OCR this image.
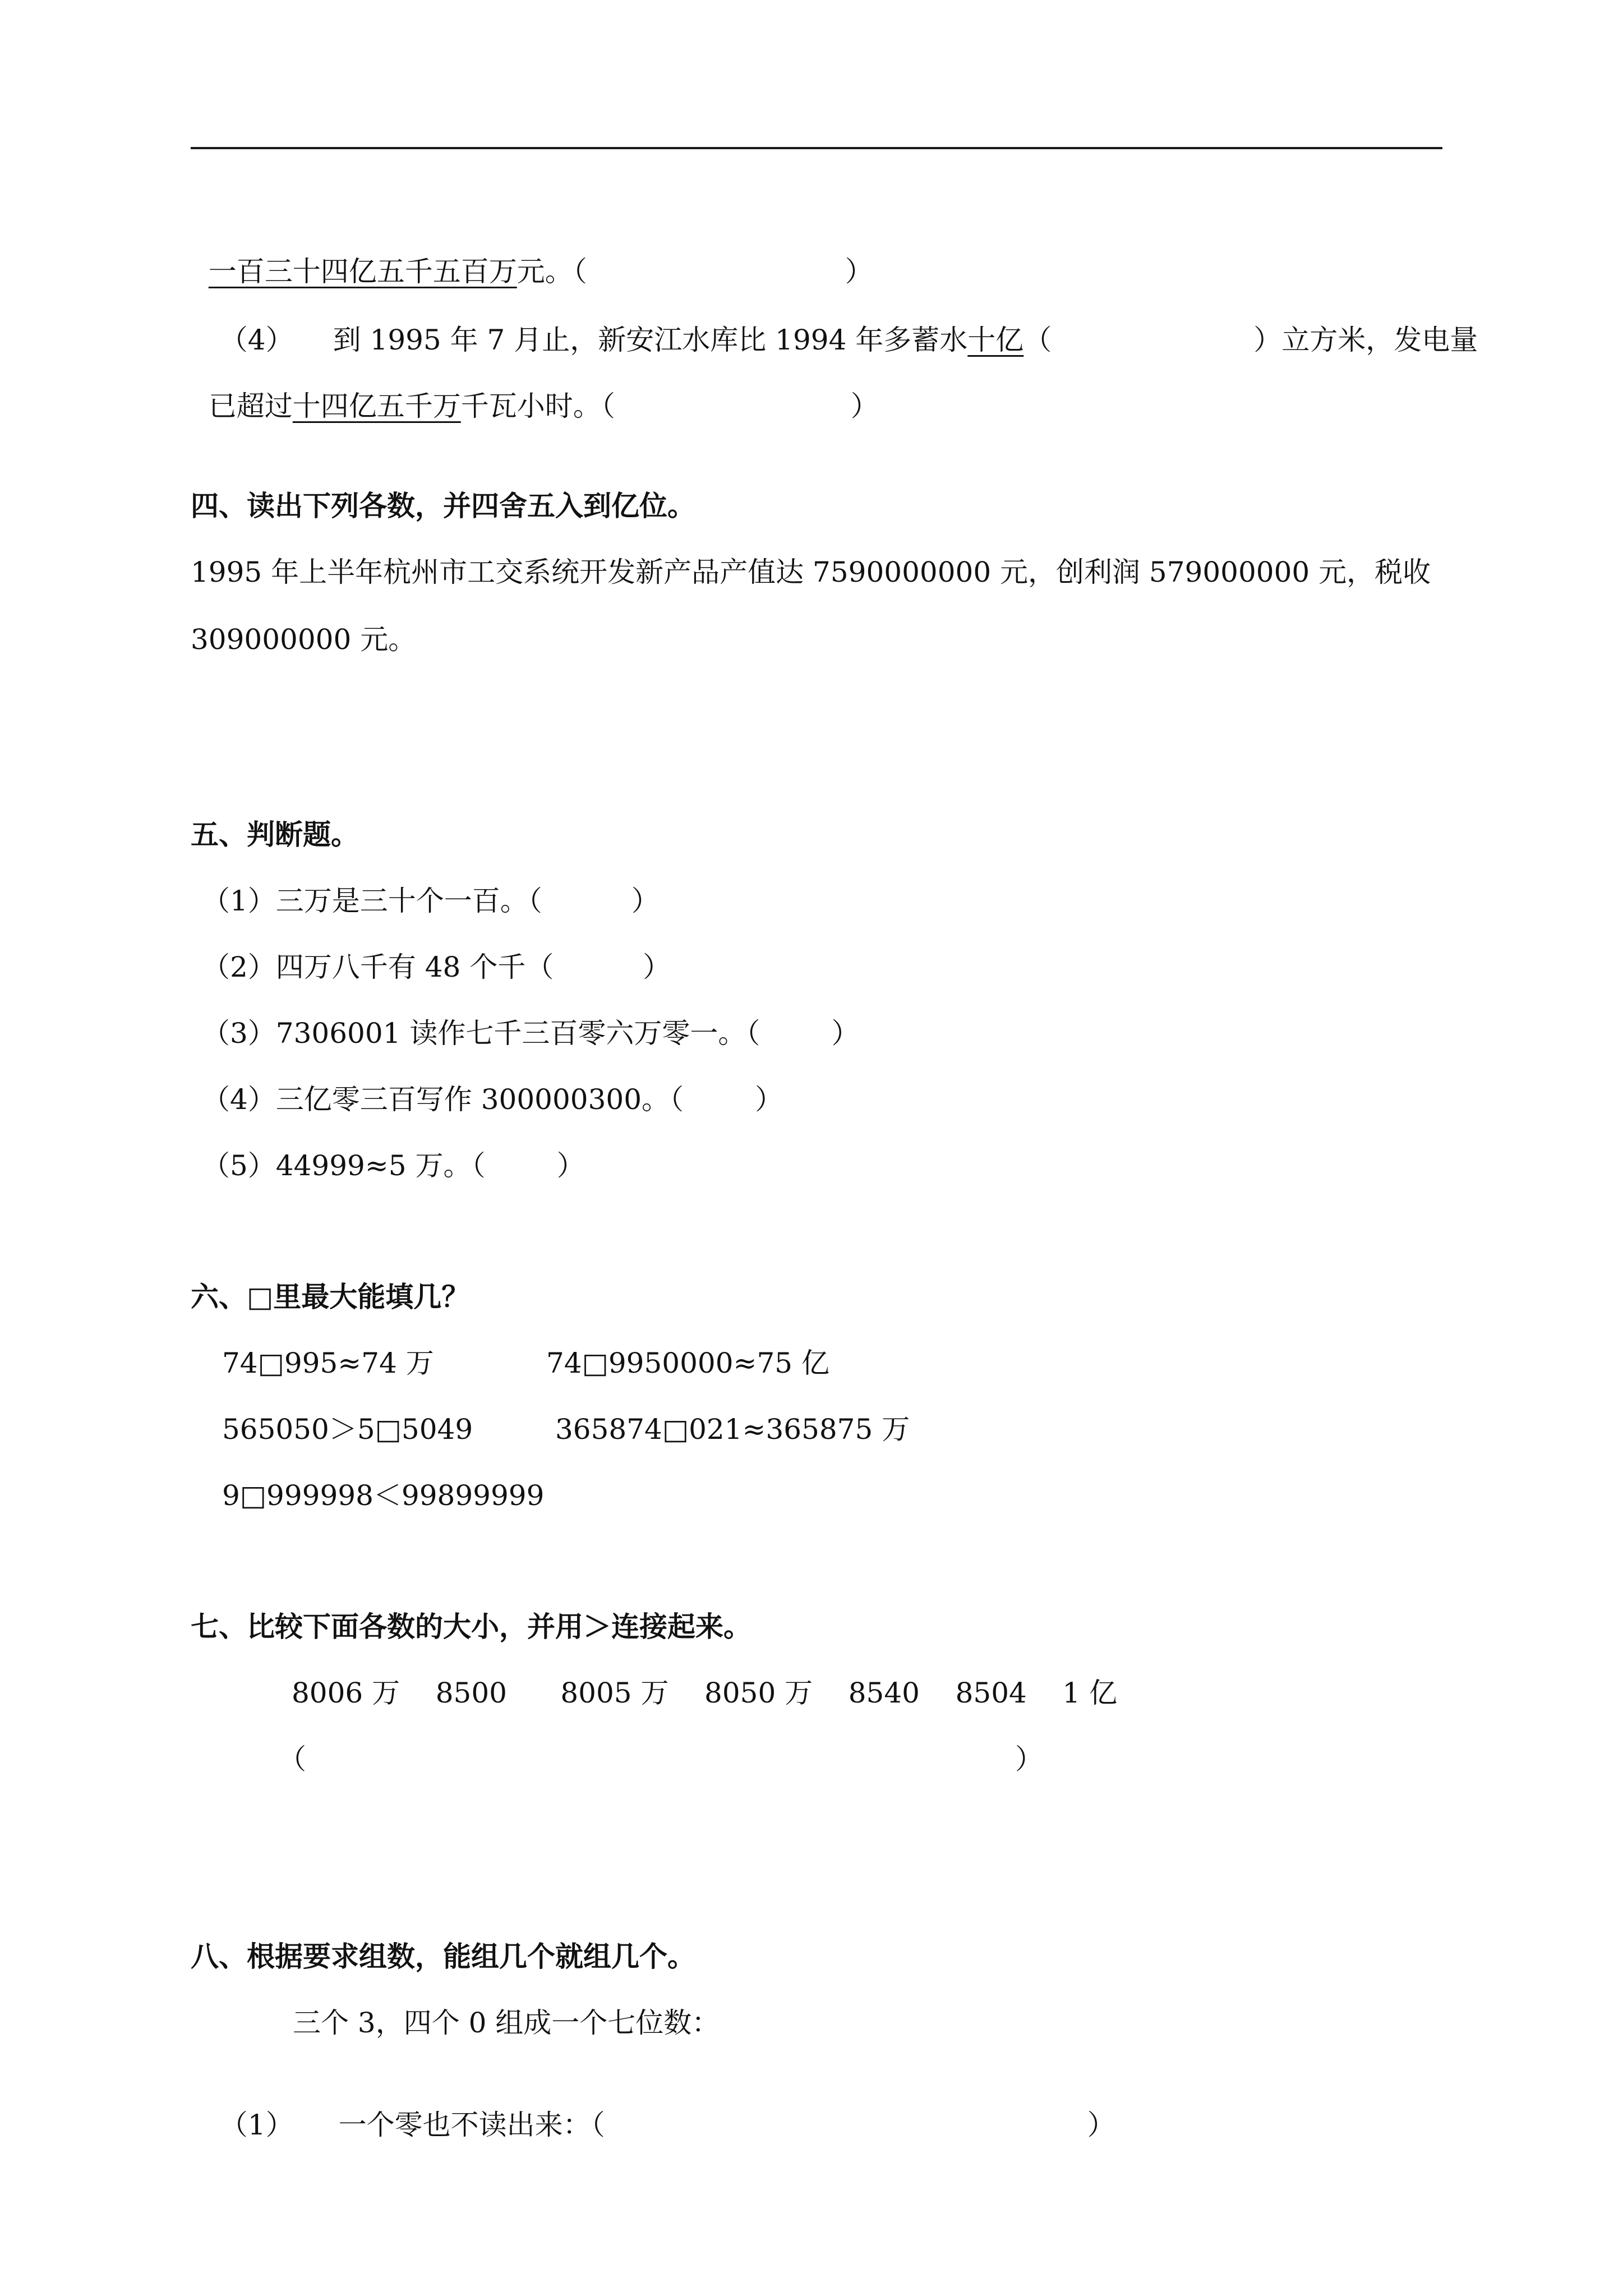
一百三十四亿五千五百万元。（	）

（4） 到 1995 年 7 月止，新安江水库比 1994 年多蓄水十亿（	）立方米，发电量

已超过十四亿五千万千瓦小时。（	）

四、读出下列各数，并四舍五入到亿位。
1995 年上半年杭州市工交系统开发新产品产值达 7590000000 元，创利润 579000000 元，税收
309000000 元。
五、判断题。
（1）三万是三十个一百。（          ）
（2）四万八千有 48 个千（          ）
（3）7306001 读作七千三百零六万零一。（        ）
（4）三亿零三百写作 300000300。（        ）
（5）44999≈5 万。（        ）
六、□里最大能填几？
74□995≈74 万	74□9950000≈75 亿
565050＞5□5049	365874□021≈365875 万
9□999998＜99899999
七、比较下面各数的大小，并用＞连接起来。
8006 万    8500      8005 万    8050 万    8540    8504    1 亿
（	）
八、根据要求组数，能组几个就组几个。
三个 3，四个 0 组成一个七位数：

（1） 一个零也不读出来：（	）
